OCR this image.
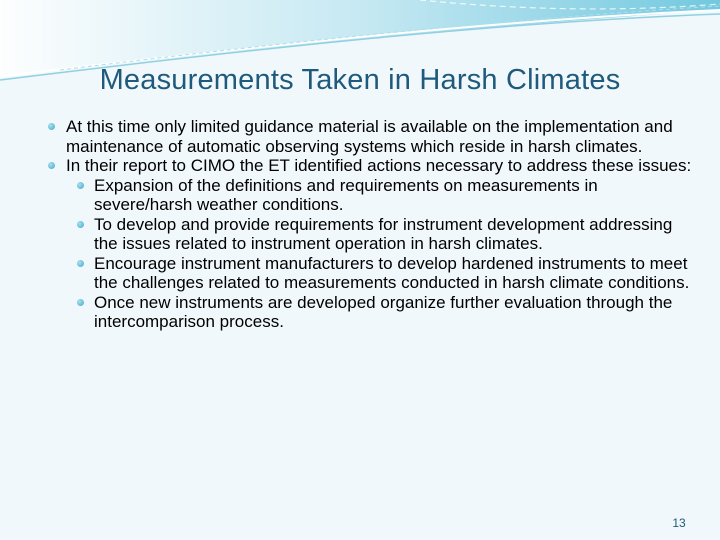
Measurements Taken in Harsh Climates
At this time only limited guidance material is available on the implementation and maintenance of automatic observing systems which reside in harsh climates.
In their report to CIMO the ET identified actions necessary to address these issues:
Expansion of the definitions and requirements on measurements in severe/harsh weather conditions.
To develop and provide requirements for instrument development addressing the issues related to instrument operation in harsh climates.
Encourage instrument manufacturers to develop hardened instruments to meet the challenges related to measurements conducted in harsh climate conditions.
Once new instruments are developed organize further evaluation through the intercomparison process.
13
